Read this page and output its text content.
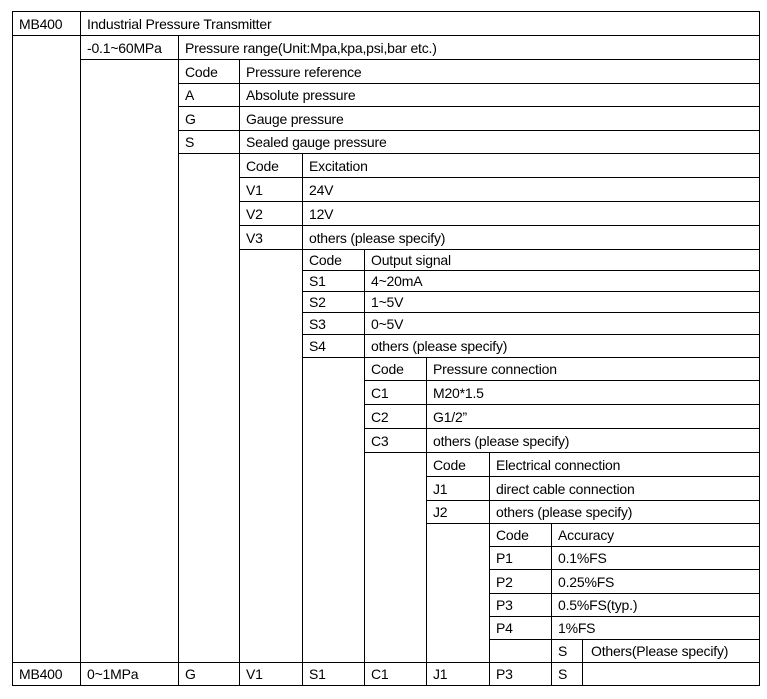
MB400	Industrial Pressure Transmitter
-0.1~60MPa	Pressure range(Unit:Mpa,kpa,psi,bar etc.)
Code	Pressure reference
A	Absolute pressure
G	Gauge pressure
S	Sealed gauge pressure
Code	Excitation
V1	24V
V2	12V
V3	others (please specify)
Code	Output signal
S1	4~20mA
S2	1~5V
S3	0~5V
S4	others (please specify)
Code	Pressure connection
C1	M20*1.5
C2	G1/2”
C3	others (please specify)
Code	Electrical connection
J1	direct cable connection
J2	others (please specify)
Code	Accuracy
P1	0.1%FS
P2	0.25%FS
P3	0.5%FS(typ.)
P4	1%FS
S	Others(Please specify)
MB400	0~1MPa	G	V1	S1	C1	J1	P3	S
